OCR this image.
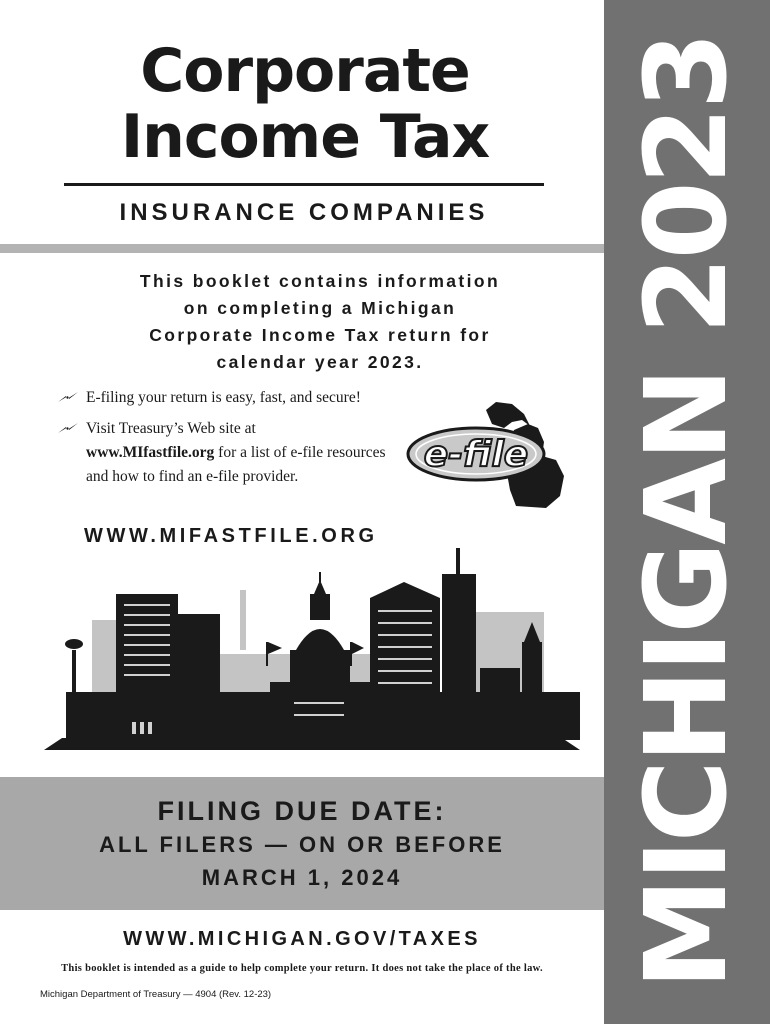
MICHIGAN 2023
Corporate
Income Tax
INSURANCE COMPANIES
This booklet contains information
on completing a Michigan
Corporate Income Tax return for
calendar year 2023.

E-filing your return is easy, fast, and secure!

Visit Treasury’s Web site at
www.MIfastfile.org for a list of e-file resources and how to find an e-file provider.

e-file
WWW.MIFASTFILE.ORG
FILING DUE DATE:
ALL FILERS — ON OR BEFORE
MARCH 1, 2024
WWW.MICHIGAN.GOV/TAXES
This booklet is intended as a guide to help complete your return. It does not take the place of the law.
Michigan Department of Treasury — 4904 (Rev. 12-23)
